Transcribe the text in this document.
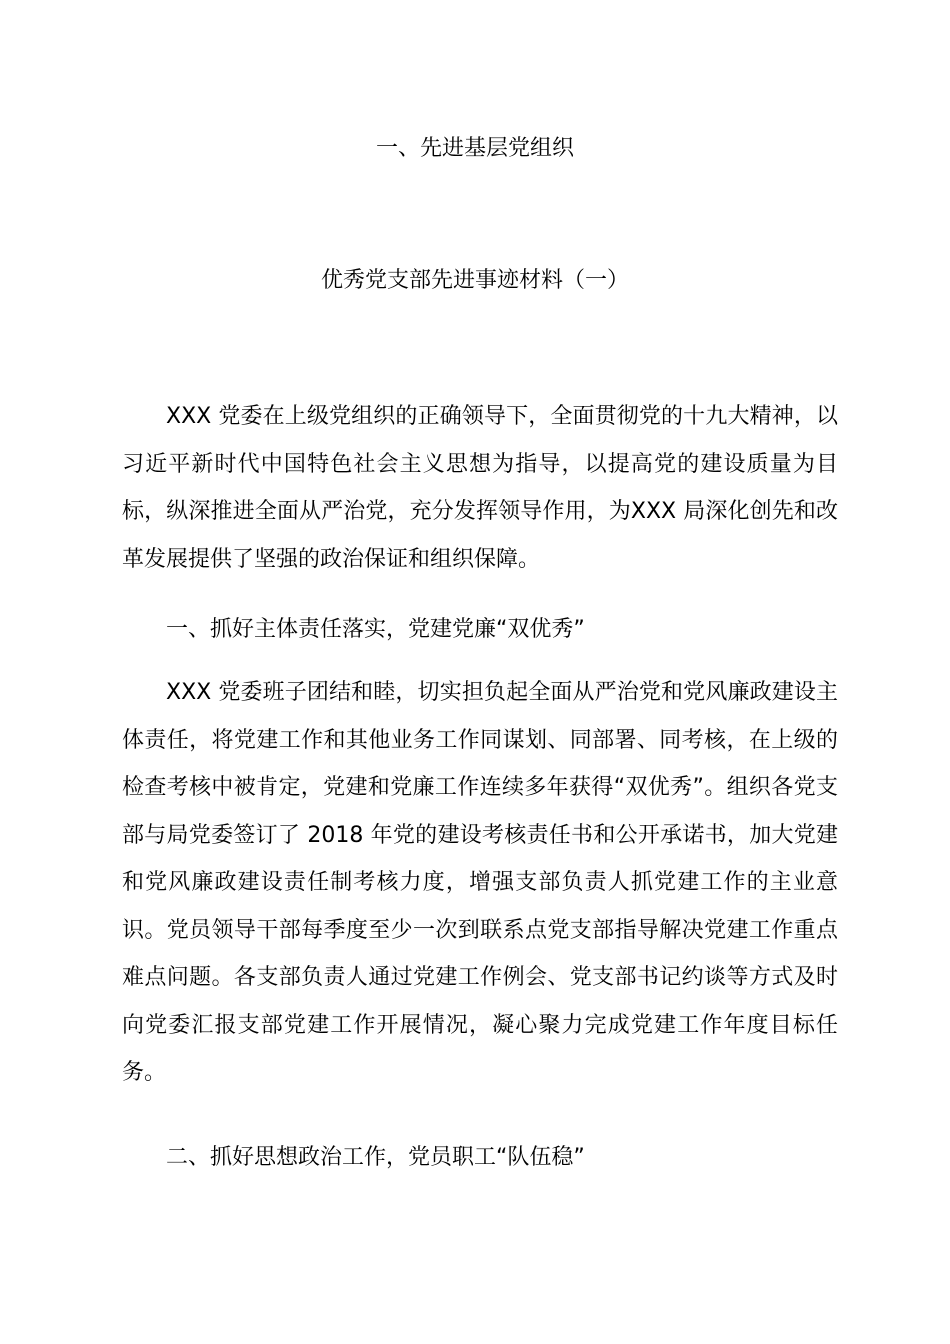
一、先进基层党组织
优秀党支部先进事迹材料（一）
XXX 党委在上级党组织的正确领导下，全面贯彻党的十九大精神，以习近平新时代中国特色社会主义思想为指导，以提高党的建设质量为目标，纵深推进全面从严治党，充分发挥领导作用，为XXX 局深化创先和改革发展提供了坚强的政治保证和组织保障。
一、抓好主体责任落实，党建党廉“双优秀”
XXX 党委班子团结和睦，切实担负起全面从严治党和党风廉政建设主体责任，将党建工作和其他业务工作同谋划、同部署、同考核，在上级的检查考核中被肯定，党建和党廉工作连续多年获得“双优秀”。组织各党支部与局党委签订了 2018 年党的建设考核责任书和公开承诺书，加大党建和党风廉政建设责任制考核力度，增强支部负责人抓党建工作的主业意识。党员领导干部每季度至少一次到联系点党支部指导解决党建工作重点难点问题。各支部负责人通过党建工作例会、党支部书记约谈等方式及时向党委汇报支部党建工作开展情况，凝心聚力完成党建工作年度目标任务。
二、抓好思想政治工作，党员职工“队伍稳”
